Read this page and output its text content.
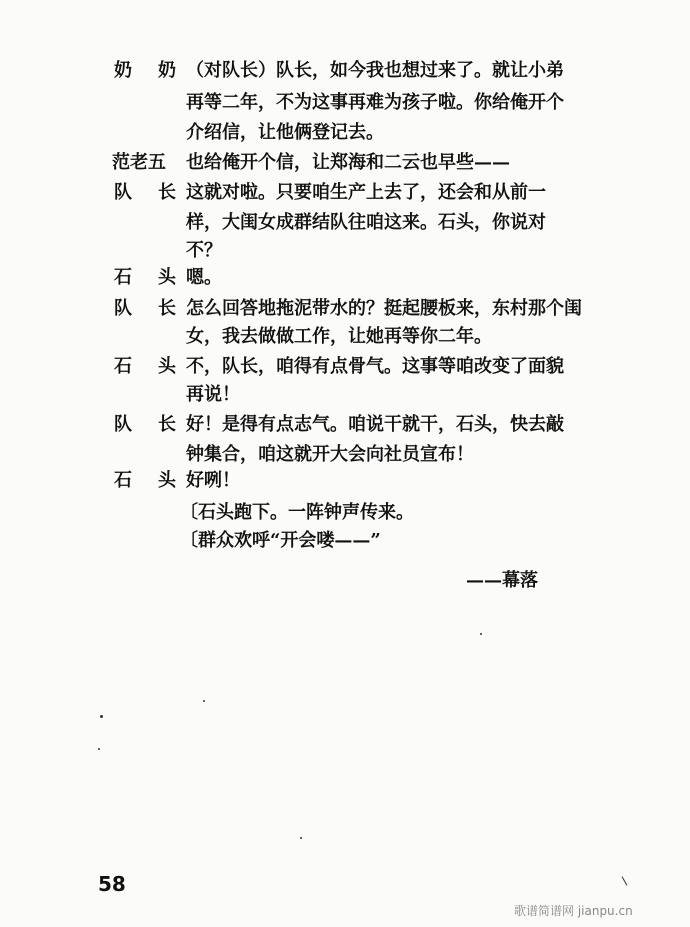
奶 奶 （对队长）队长，如今我也想过来了。就让小弟
再等二年，不为这事再难为孩子啦。你给俺开个
介绍信，让他俩登记去。
范老五 也给俺开个信，让郑海和二云也早些——
队 长 这就对啦。只要咱生产上去了，还会和从前一
样，大闺女成群结队往咱这来。石头，你说对
不？
石 头 嗯。
队 长 怎么回答地拖泥带水的？挺起腰板来，东村那个闺
女，我去做做工作，让她再等你二年。
石 头 不，队长，咱得有点骨气。这事等咱改变了面貌
再说！
队 长 好！是得有点志气。咱说干就干，石头，快去敲
钟集合，咱这就开大会向社员宣布！
石 头 好咧！
〔石头跑下。一阵钟声传来。
〔群众欢呼“开会喽——”
——幕落
58
歌谱简谱网 jianpu.cn
